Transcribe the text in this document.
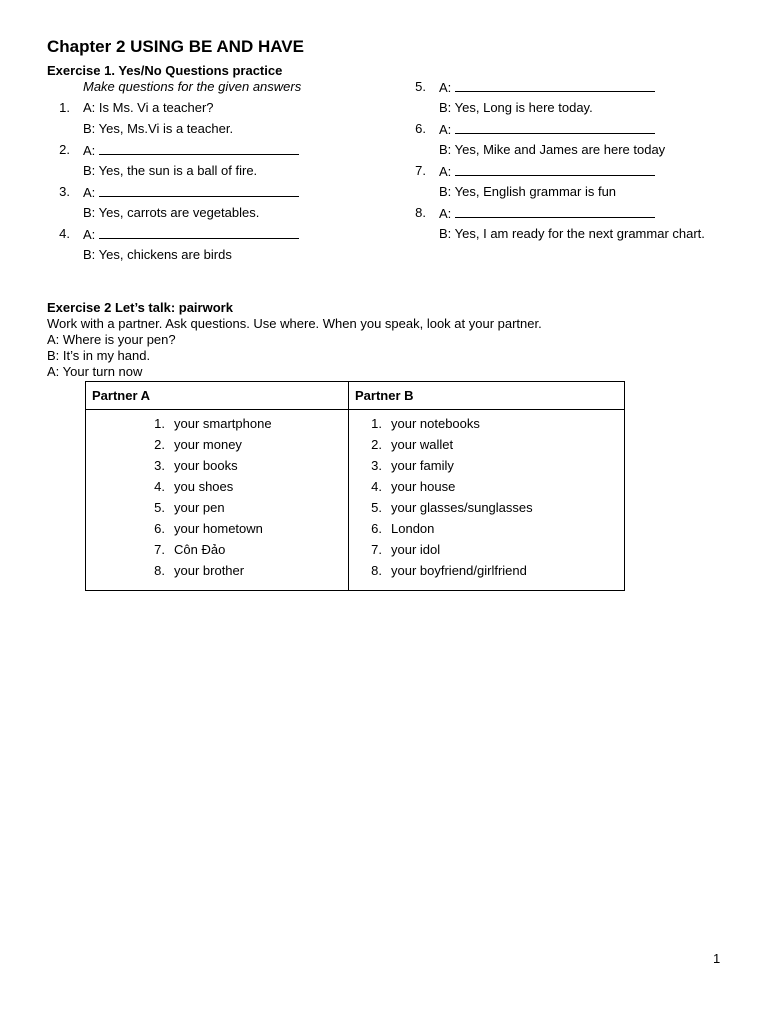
Chapter 2 USING BE AND HAVE
Exercise 1. Yes/No Questions practice
Make questions for the given answers
1. A: Is Ms. Vi a teacher?
B: Yes, Ms.Vi is a teacher.
2. A:
B: Yes, the sun is a ball of fire.
3. A:
B: Yes, carrots are vegetables.
4. A:
B: Yes, chickens are birds
5. A:
B: Yes, Long is here today.
6. A:
B: Yes, Mike and James are here today
7. A:
B: Yes, English grammar is fun
8. A:
B: Yes, I am ready for the next grammar chart.
Exercise 2 Let’s talk: pairwork
Work with a partner. Ask questions. Use where. When you speak, look at your partner.
A: Where is your pen?
B: It’s in my hand.
A: Your turn now
Partner A	Partner B
1. your smartphone
2. your money
3. your books
4. you shoes
5. your pen
6. your hometown
7. Côn Đảo
8. your brother
1. your notebooks
2. your wallet
3. your family
4. your house
5. your glasses/sunglasses
6. London
7. your idol
8. your boyfriend/girlfriend
1
